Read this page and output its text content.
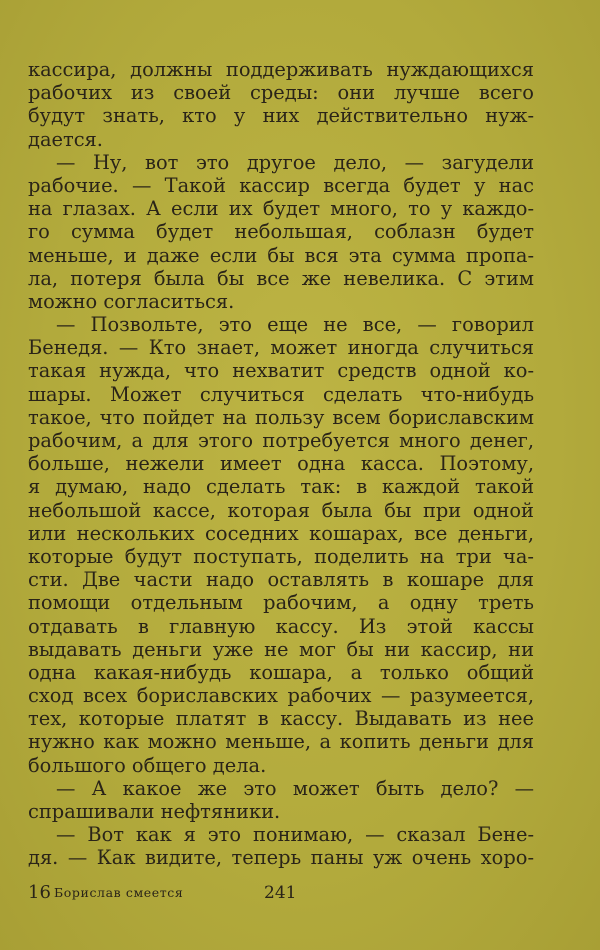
кассира, должны поддерживать нуждающихся
рабочих из своей среды: они лучше всего
будут знать, кто у них действительно нуж-
дается.
— Ну, вот это другое дело, — загудели
рабочие. — Такой кассир всегда будет у нас
на глазах. А если их будет много, то у каждо-
го сумма будет небольшая, соблазн будет
меньше, и даже если бы вся эта сумма пропа-
ла, потеря была бы все же невелика. С этим
можно согласиться.
— Позвольте, это еще не все, — говорил
Бенедя. — Кто знает, может иногда случиться
такая нужда, что нехватит средств одной ко-
шары. Может случиться сделать что-нибудь
такое, что пойдет на пользу всем бориславским
рабочим, а для этого потребуется много денег,
больше, нежели имеет одна касса. Поэтому,
я думаю, надо сделать так: в каждой такой
небольшой кассе, которая была бы при одной
или нескольких соседних кошарах, все деньги,
которые будут поступать, поделить на три ча-
сти. Две части надо оставлять в кошаре для
помощи отдельным рабочим, а одну треть
отдавать в главную кассу. Из этой кассы
выдавать деньги уже не мог бы ни кассир, ни
одна какая-нибудь кошара, а только общий
сход всех бориславских рабочих — разумеется,
тех, которые платят в кассу. Выдавать из нее
нужно как можно меньше, а копить деньги для
большого общего дела.
— А какое же это может быть дело? —
спрашивали нефтяники.
— Вот как я это понимаю, — сказал Бене-
дя. — Как видите, теперь паны уж очень хоро-
16 Борислав смеется	241
